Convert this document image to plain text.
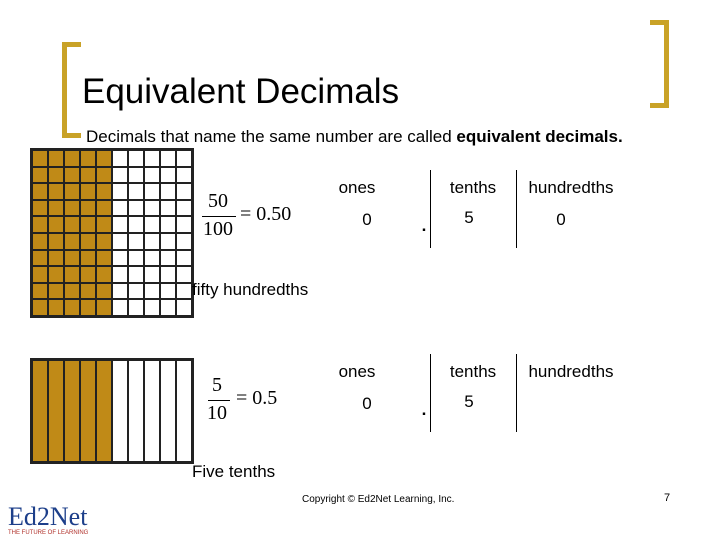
Equivalent Decimals
Decimals that name the same number are called equivalent decimals.
50
100
= 0.50
ones	tenths	hundredths
0	.	5	0
fifty hundredths
5
10
= 0.5
ones	tenths	hundredths
0	.	5
Five tenths
Copyright © Ed2Net Learning, Inc.	7
Ed2Net
THE FUTURE OF LEARNING
